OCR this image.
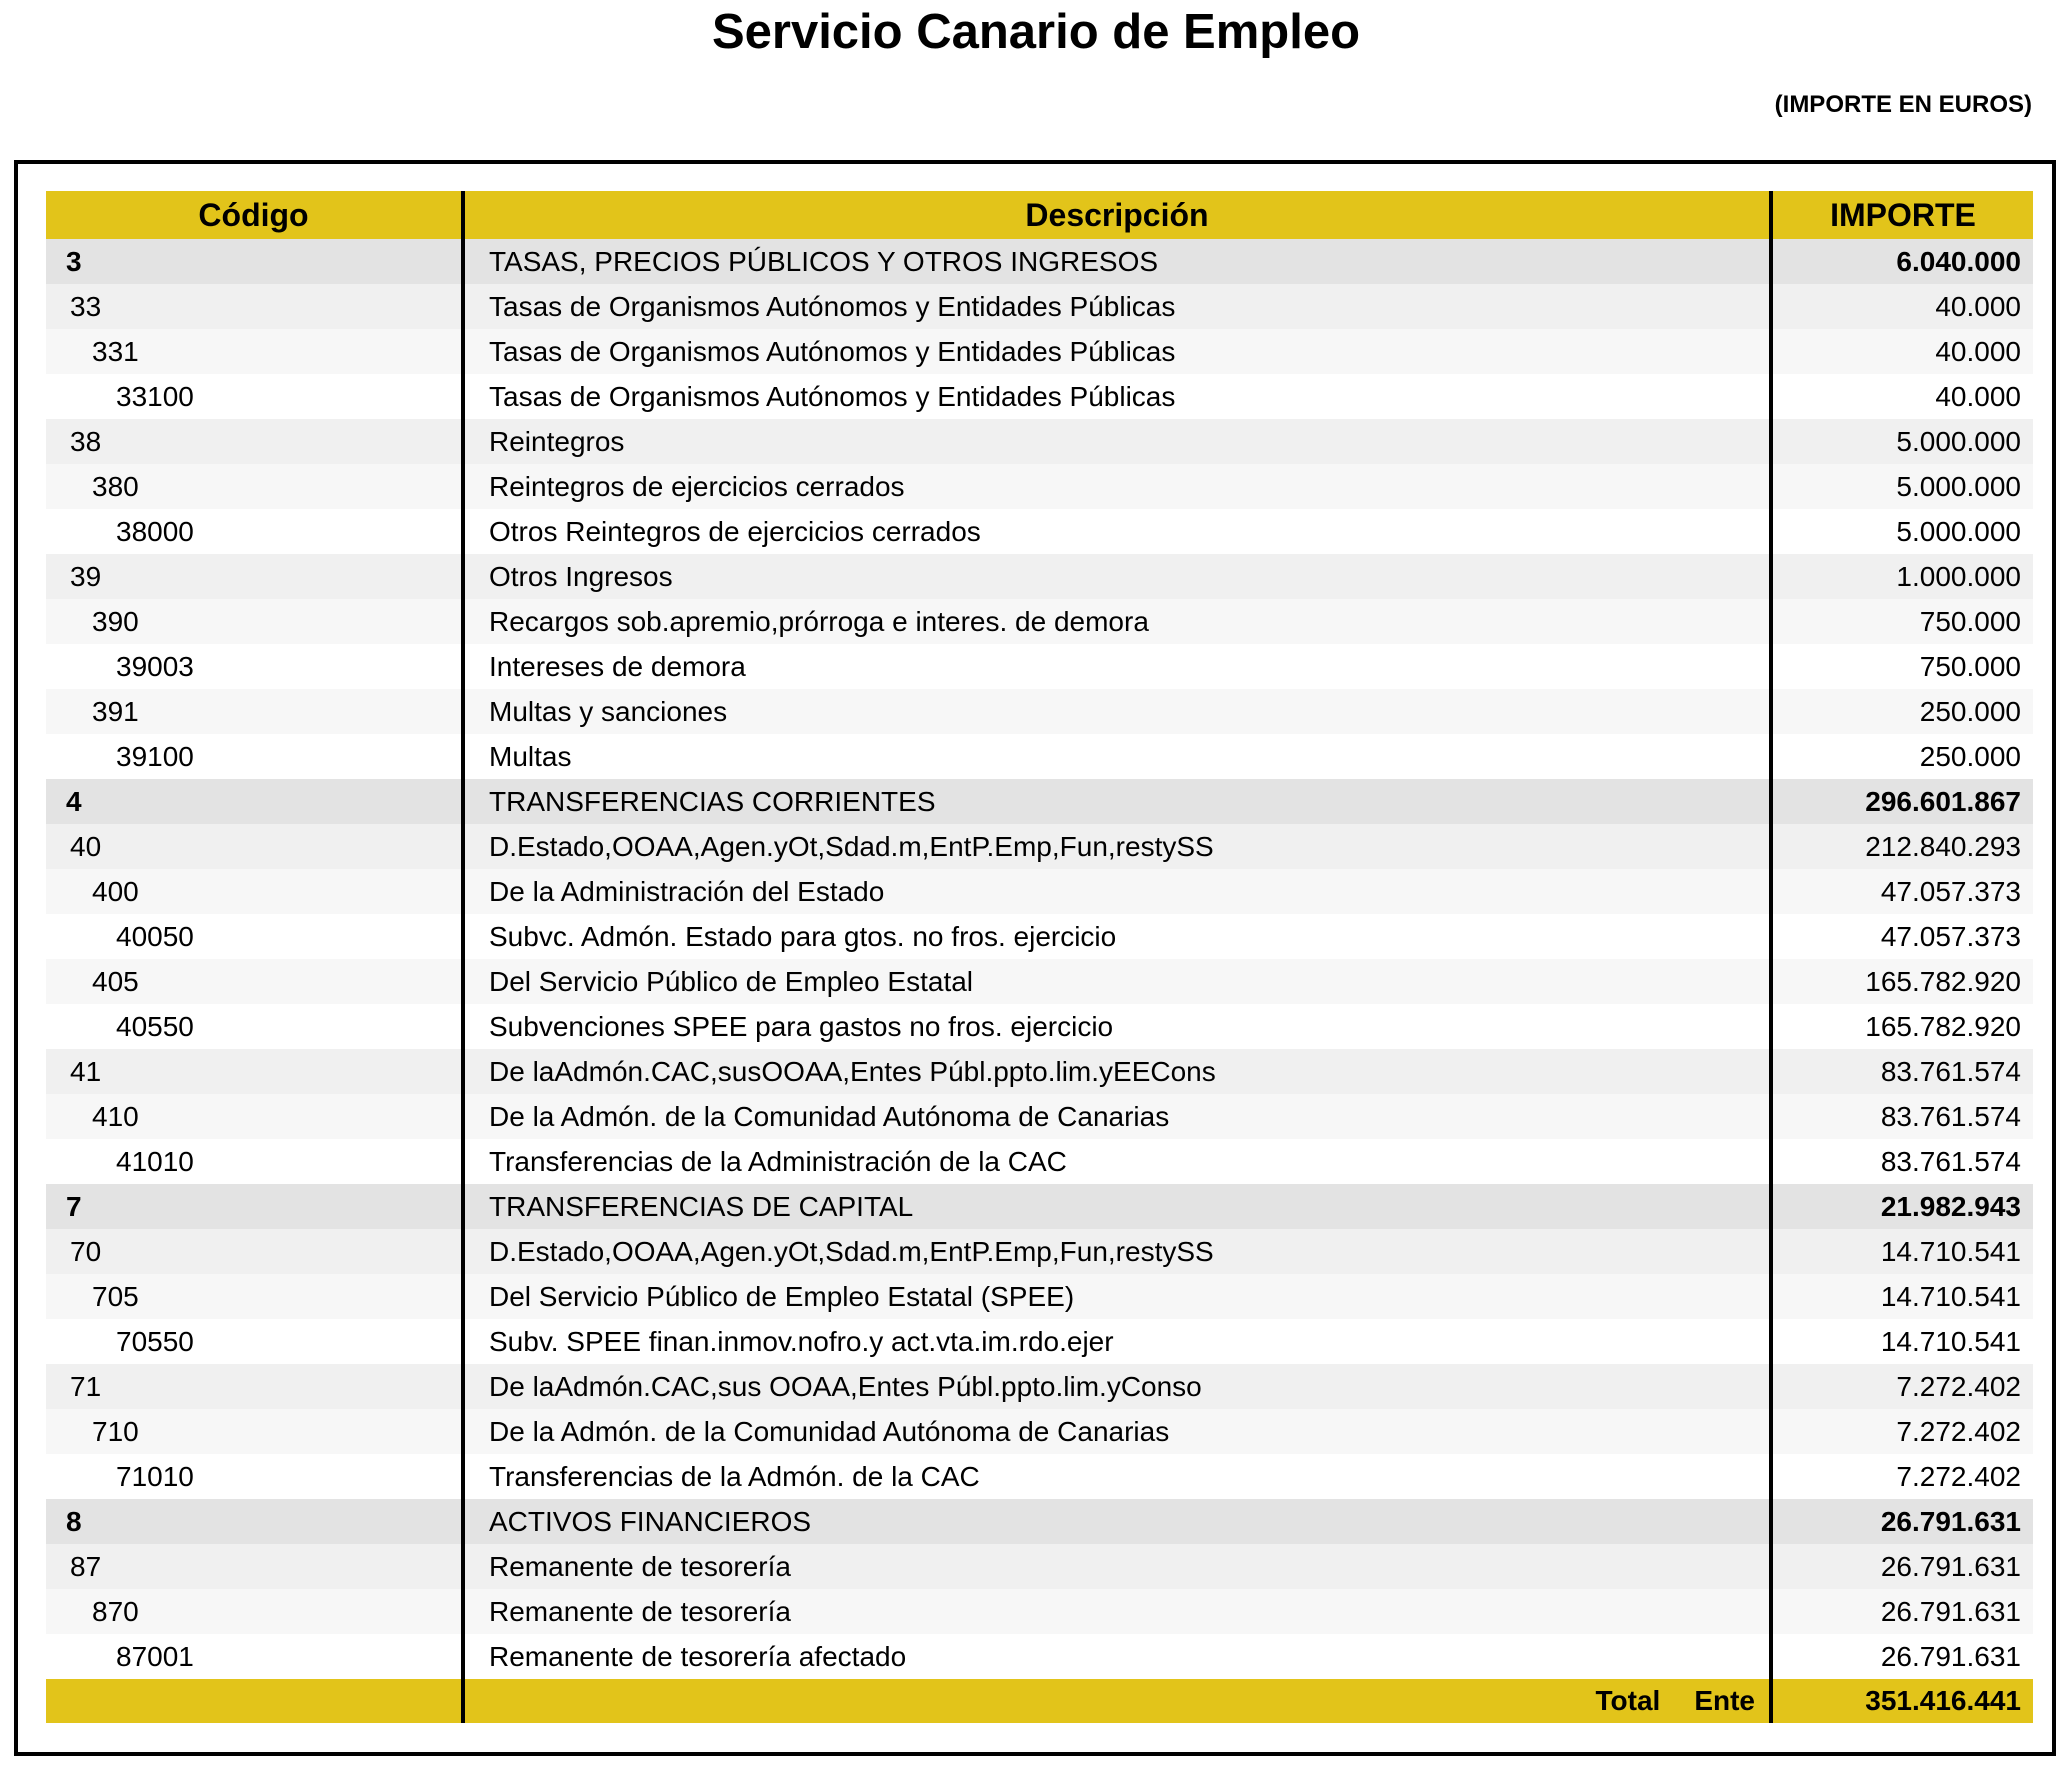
Servicio Canario de Empleo
(IMPORTE EN EUROS)
Código	Descripción	IMPORTE
3	TASAS, PRECIOS PÚBLICOS Y OTROS INGRESOS	6.040.000
33	Tasas de Organismos Autónomos y Entidades Públicas	40.000
331	Tasas de Organismos Autónomos y Entidades Públicas	40.000
33100	Tasas de Organismos Autónomos y Entidades Públicas	40.000
38	Reintegros	5.000.000
380	Reintegros de ejercicios cerrados	5.000.000
38000	Otros Reintegros de ejercicios cerrados	5.000.000
39	Otros Ingresos	1.000.000
390	Recargos sob.apremio,prórroga e interes. de demora	750.000
39003	Intereses de demora	750.000
391	Multas y sanciones	250.000
39100	Multas	250.000
4	TRANSFERENCIAS CORRIENTES	296.601.867
40	D.Estado,OOAA,Agen.yOt,Sdad.m,EntP.Emp,Fun,restySS	212.840.293
400	De la Administración del Estado	47.057.373
40050	Subvc. Admón. Estado para gtos. no fros. ejercicio	47.057.373
405	Del Servicio Público de Empleo Estatal	165.782.920
40550	Subvenciones SPEE para gastos no fros. ejercicio	165.782.920
41	De laAdmón.CAC,susOOAA,Entes Públ.ppto.lim.yEECons	83.761.574
410	De la Admón. de la Comunidad Autónoma de Canarias	83.761.574
41010	Transferencias de la Administración de la CAC	83.761.574
7	TRANSFERENCIAS DE CAPITAL	21.982.943
70	D.Estado,OOAA,Agen.yOt,Sdad.m,EntP.Emp,Fun,restySS	14.710.541
705	Del Servicio Público de Empleo Estatal (SPEE)	14.710.541
70550	Subv. SPEE finan.inmov.nofro.y act.vta.im.rdo.ejer	14.710.541
71	De laAdmón.CAC,sus OOAA,Entes Públ.ppto.lim.yConso	7.272.402
710	De la Admón. de la Comunidad Autónoma de Canarias	7.272.402
71010	Transferencias de la Admón. de la CAC	7.272.402
8	ACTIVOS FINANCIEROS	26.791.631
87	Remanente de tesorería	26.791.631
870	Remanente de tesorería	26.791.631
87001	Remanente de tesorería afectado	26.791.631
	Total Ente	351.416.441
